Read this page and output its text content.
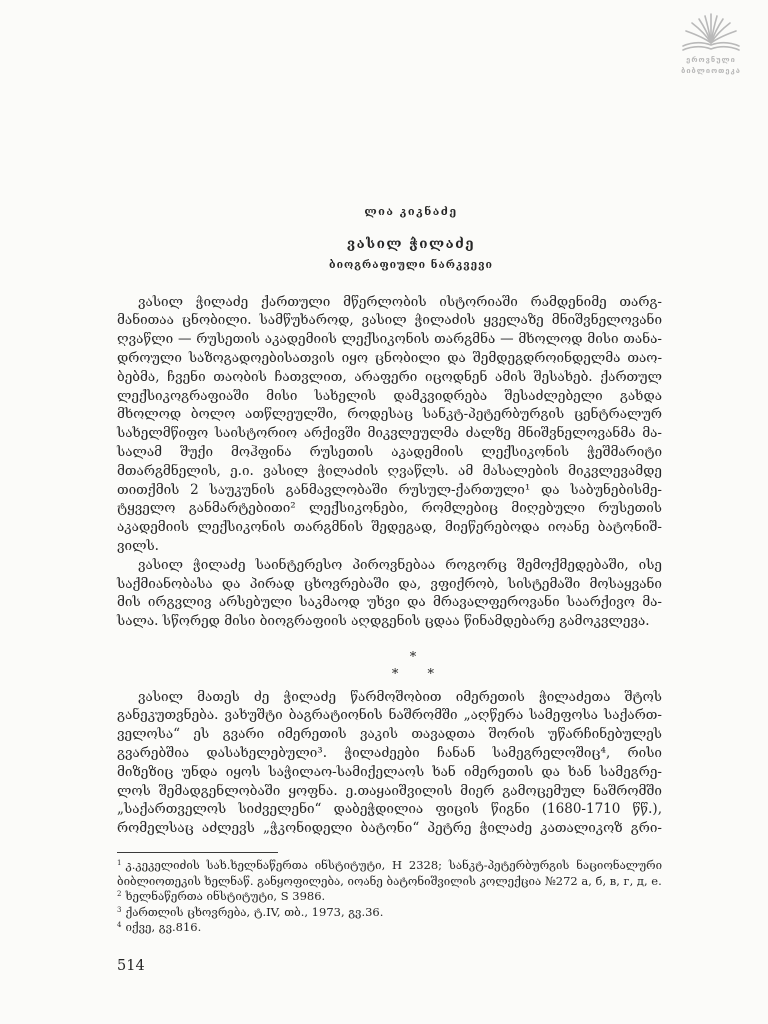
ეროვნული
ბიბლიოთეკა
ლია კიკნაძე
ვასილ ჭილაძე
ბიოგრაფიული ნარკვევი
ვასილ ჭილაძე ქართული მწერლობის ისტორიაში რამდენიმე თარგ-
მანითაა ცნობილი. სამწუხაროდ, ვასილ ჭილაძის ყველაზე მნიშვნელოვანი
ღვაწლი — რუსეთის აკადემიის ლექსიკონის თარგმნა — მხოლოდ მისი თანა-
დროული საზოგადოებისათვის იყო ცნობილი და შემდეგდროინდელმა თაო-
ბებმა, ჩვენი თაობის ჩათვლით, არაფერი იცოდნენ ამის შესახებ. ქართულ
ლექსიკოგრაფიაში მისი სახელის დამკვიდრება შესაძლებელი გახდა
მხოლოდ ბოლო ათწლეულში, როდესაც სანკტ-პეტერბურგის ცენტრალურ
სახელმწიფო საისტორიო არქივში მიკვლეულმა ძალზე მნიშვნელოვანმა მა-
სალამ შუქი მოჰფინა რუსეთის აკადემიის ლექსიკონის ჭეშმარიტი
მთარგმნელის, ე.ი. ვასილ ჭილაძის ღვაწლს. ამ მასალების მიკვლევამდე
თითქმის 2 საუკუნის განმავლობაში რუსულ-ქართული¹ და საბუნებისმე-
ტყველო განმარტებითი² ლექსიკონები, რომლებიც მიღებული რუსეთის
აკადემიის ლექსიკონის თარგმნის შედეგად, მიეწერებოდა იოანე ბატონიშ-
ვილს.
ვასილ ჭილაძე საინტერესო პიროვნებაა როგორც შემოქმედებაში, ისე
საქმიანობასა და პირად ცხოვრებაში და, ვფიქრობ, სისტემაში მოსაყვანი
მის ირგვლივ არსებული საკმაოდ უხვი და მრავალფეროვანი საარქივო მა-
სალა. სწორედ მისი ბიოგრაფიის აღდგენის ცდაა წინამდებარე გამოკვლევა.
*
* *
ვასილ მათეს ძე ჭილაძე წარმოშობით იმერეთის ჭილაძეთა შტოს
განეკუთვნება. ვახუშტი ბაგრატიონის ნაშრომში „აღწერა სამეფოსა საქართ-
ველოსა“ ეს გვარი იმერეთის ვაკის თავადთა შორის უწარჩინებულეს
გვარებშია დასახელებული³. ჭილაძეები ჩანან სამეგრელოშიც⁴, რისი
მიზეზიც უნდა იყოს საჭილაო-სამიქელაოს ხან იმერეთის და ხან სამეგრე-
ლოს შემადგენლობაში ყოფნა. ე.თაყაიშვილის მიერ გამოცემულ ნაშრომში
„საქართველოს სიძველენი“ დაბეჭდილია ფიცის წიგნი (1680-1710 წწ.),
რომელსაც აძლევს „ჭკონიდელი ბატონი“ პეტრე ჭილაძე კათალიკოზ გრი-
$^1$ კ.კეკელიძის სახ.ხელნაწერთა ინსტიტუტი, H 2328; სანკტ-პეტერბურგის ნაციონალური
ბიბლიოთეკის ხელნაწ. განყოფილება, იოანე ბატონიშვილის კოლექცია №272 а, б, в, г, д, е.
$^2$ ხელნაწერთა ინსტიტუტი, S 3986.
$^3$ ქართლის ცხოვრება, ტ.IV, თბ., 1973, გვ.36.
$^4$ იქვე, გვ.816.
514
